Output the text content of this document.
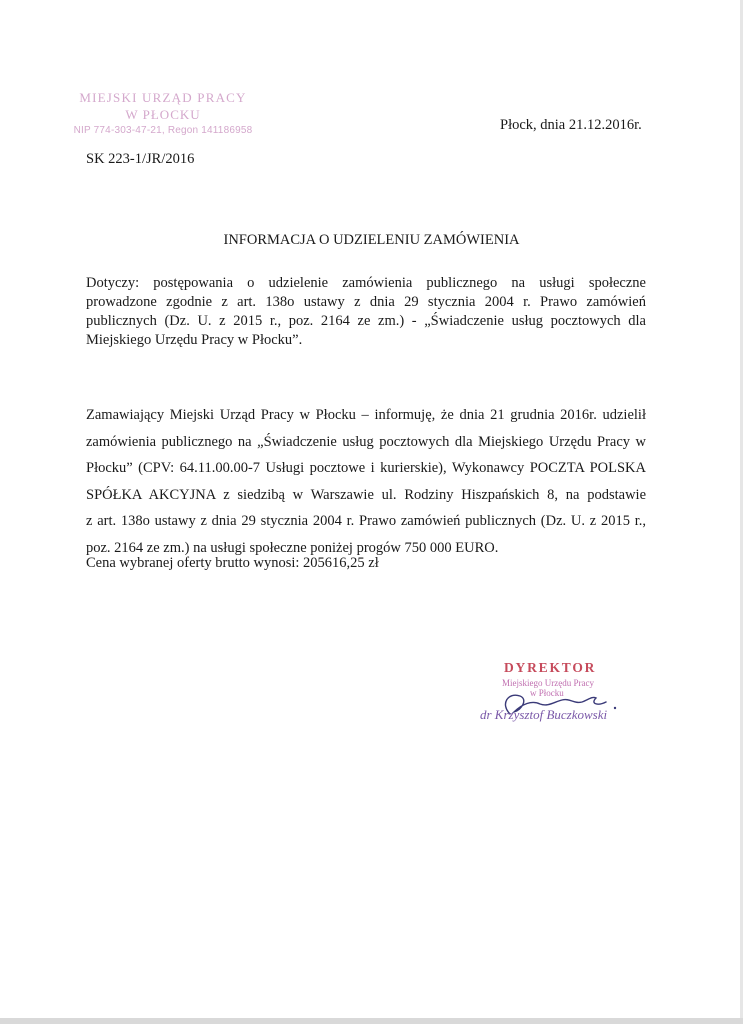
MIEJSKI URZĄD PRACY
W PŁOCKU
NIP 774-303-47-21, Regon 141186958	Płock, dnia 21.12.2016r.
SK 223-1/JR/2016
INFORMACJA O UDZIELENIU ZAMÓWIENIA
Dotyczy: postępowania o udzielenie zamówienia publicznego na usługi społeczne
prowadzone zgodnie z art. 138o ustawy z dnia 29 stycznia 2004 r. Prawo zamówień
publicznych (Dz. U. z 2015 r., poz. 2164 ze zm.) - „Świadczenie usług pocztowych dla
Miejskiego Urzędu Pracy w Płocku”.
Zamawiający Miejski Urząd Pracy w Płocku – informuję, że dnia 21 grudnia 2016r. udzielił
zamówienia publicznego na „Świadczenie usług pocztowych dla Miejskiego Urzędu Pracy w
Płocku” (CPV: 64.11.00.00-7 Usługi pocztowe i kurierskie), Wykonawcy POCZTA POLSKA
SPÓŁKA AKCYJNA z siedzibą w Warszawie ul. Rodziny Hiszpańskich 8, na podstawie
z art. 138o ustawy z dnia 29 stycznia 2004 r. Prawo zamówień publicznych (Dz. U. z 2015 r.,
poz. 2164 ze zm.) na usługi społeczne poniżej progów 750 000 EURO.
Cena wybranej oferty brutto wynosi: 205616,25 zł
DYREKTOR
Miejskiego Urzędu Pracy
w Płocku
dr Krzysztof Buczkowski
